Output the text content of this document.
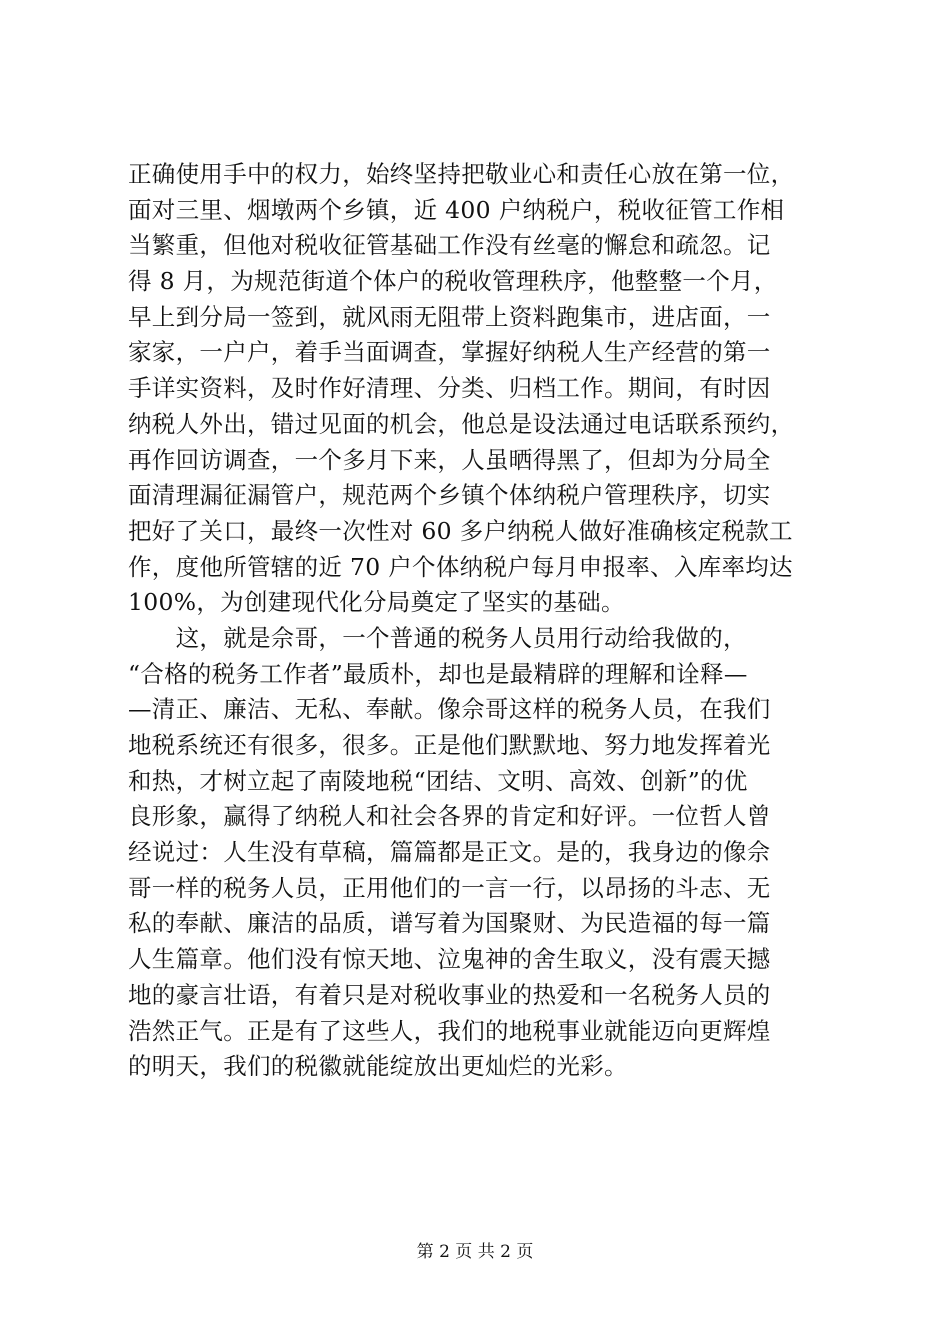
正确使用手中的权力，始终坚持把敬业心和责任心放在第一位，
面对三里、烟墩两个乡镇，近 400 户纳税户，税收征管工作相
当繁重，但他对税收征管基础工作没有丝毫的懈怠和疏忽。记
得 8 月，为规范街道个体户的税收管理秩序，他整整一个月，
早上到分局一签到，就风雨无阻带上资料跑集市，进店面，一
家家，一户户，着手当面调查，掌握好纳税人生产经营的第一
手详实资料，及时作好清理、分类、归档工作。期间，有时因
纳税人外出，错过见面的机会，他总是设法通过电话联系预约，
再作回访调查，一个多月下来，人虽晒得黑了，但却为分局全
面清理漏征漏管户，规范两个乡镇个体纳税户管理秩序，切实
把好了关口，最终一次性对 60 多户纳税人做好准确核定税款工
作，度他所管辖的近 70 户个体纳税户每月申报率、入库率均达
100%，为创建现代化分局奠定了坚实的基础。
　　这，就是佘哥，一个普通的税务人员用行动给我做的，
“合格的税务工作者”最质朴，却也是最精辟的理解和诠释—
—清正、廉洁、无私、奉献。像佘哥这样的税务人员，在我们
地税系统还有很多，很多。正是他们默默地、努力地发挥着光
和热，才树立起了南陵地税“团结、文明、高效、创新”的优
良形象，赢得了纳税人和社会各界的肯定和好评。一位哲人曾
经说过：人生没有草稿，篇篇都是正文。是的，我身边的像佘
哥一样的税务人员，正用他们的一言一行，以昂扬的斗志、无
私的奉献、廉洁的品质，谱写着为国聚财、为民造福的每一篇
人生篇章。他们没有惊天地、泣鬼神的舍生取义，没有震天撼
地的豪言壮语，有着只是对税收事业的热爱和一名税务人员的
浩然正气。正是有了这些人，我们的地税事业就能迈向更辉煌
的明天，我们的税徽就能绽放出更灿烂的光彩。
第 2 页 共 2 页
